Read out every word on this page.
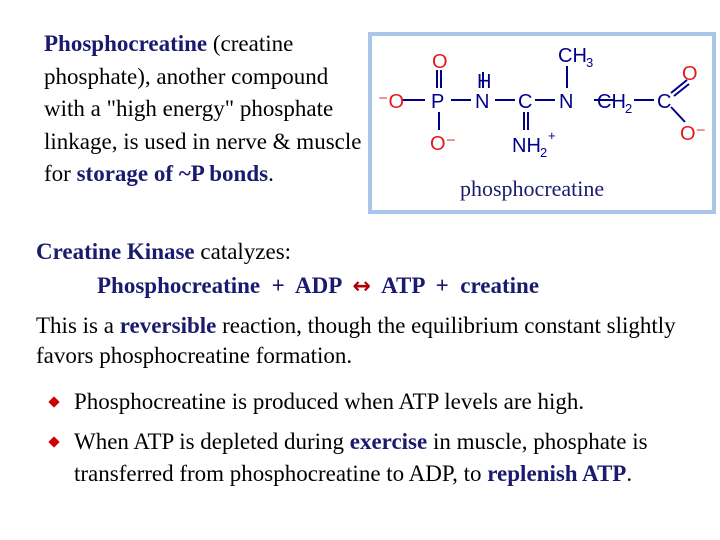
Phosphocreatine (creatine phosphate), another compound with a "high energy" phosphate linkage, is used in nerve & muscle for storage of ~P bonds.
O
⁻O P
H
N C N
CH 3
CH 2 C
O
O⁻
O⁻	NH 2
+
phosphocreatine
Creatine Kinase catalyzes:
Phosphocreatine  +  ADP  ↔  ATP  +  creatine
This is a reversible reaction, though the equilibrium constant slightly favors phosphocreatine formation.
Phosphocreatine is produced when ATP levels are high.
When ATP is depleted during exercise in muscle, phosphate is transferred from phosphocreatine to ADP, to replenish ATP.
